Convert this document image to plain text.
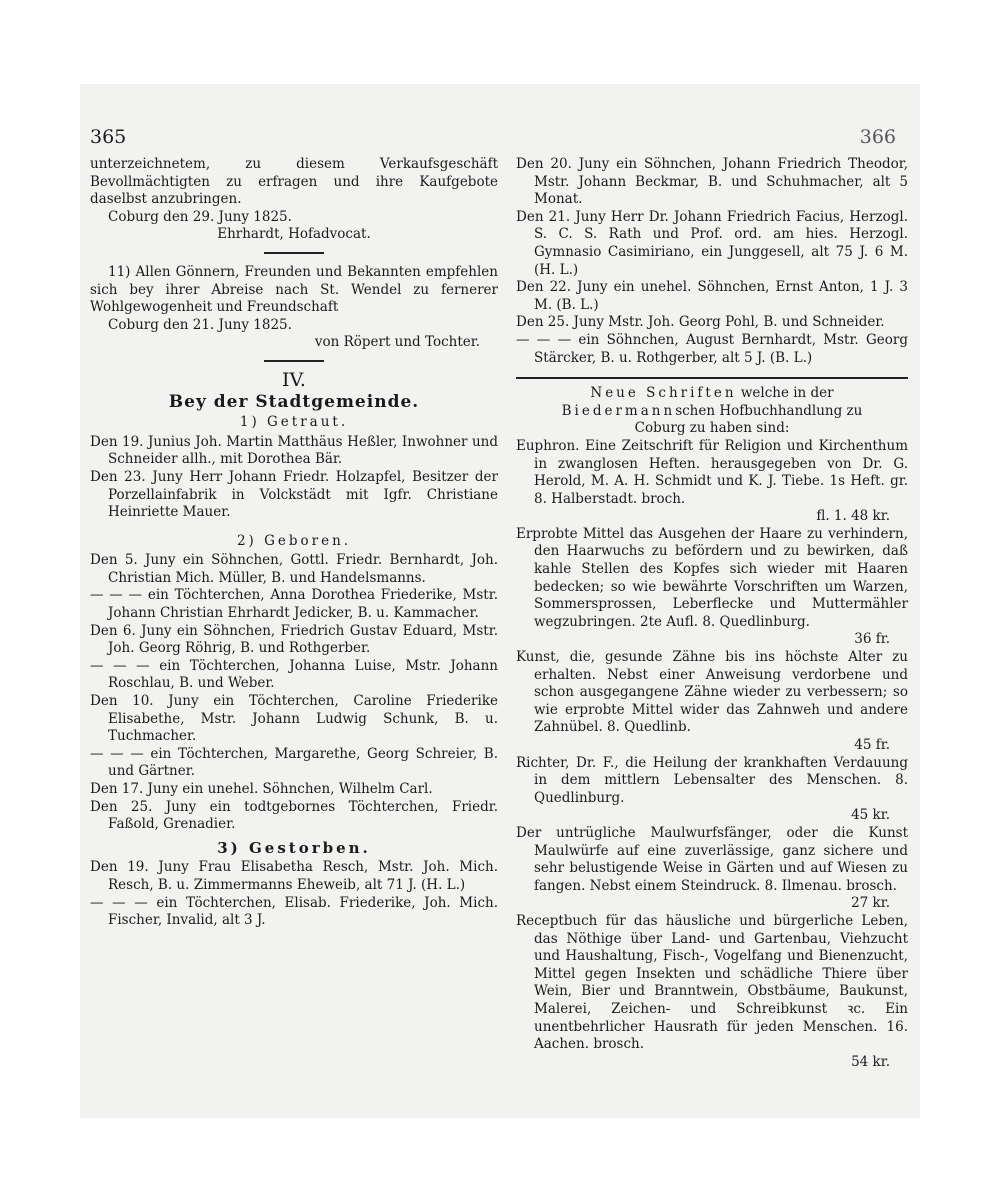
365	366

unterzeichnetem, zu diesem Verkaufsgeschäft Bevollmächtigten zu erfragen und ihre Kaufgebote daselbst anzubringen.

Coburg den 29. Juny 1825.

Ehrhardt, Hofadvocat.

11) Allen Gönnern, Freunden und Bekannten empfehlen sich bey ihrer Abreise nach St. Wendel zu fernerer Wohlgewogenheit und Freundschaft

Coburg den 21. Juny 1825.

von Röpert und Tochter.

IV.
Bey der Stadtgemeinde.
1) Getraut.

Den 19. Junius Joh. Martin Matthäus Heßler, Inwohner und Schneider allh., mit Dorothea Bär.

Den 23. Juny Herr Johann Friedr. Holzapfel, Besitzer der Porzellainfabrik in Volckstädt mit Igfr. Christiane Heinriette Mauer.

2) Geboren.

Den 5. Juny ein Söhnchen, Gottl. Friedr. Bernhardt, Joh. Christian Mich. Müller, B. und Handelsmanns.

— — — ein Töchterchen, Anna Dorothea Friederike, Mstr. Johann Christian Ehrhardt Jedicker, B. u. Kammacher.

Den 6. Juny ein Söhnchen, Friedrich Gustav Eduard, Mstr. Joh. Georg Röhrig, B. und Rothgerber.

— — — ein Töchterchen, Johanna Luise, Mstr. Johann Roschlau, B. und Weber.

Den 10. Juny ein Töchterchen, Caroline Friederike Elisabethe, Mstr. Johann Ludwig Schunk, B. u. Tuchmacher.

— — — ein Töchterchen, Margarethe, Georg Schreier, B. und Gärtner.

Den 17. Juny ein unehel. Söhnchen, Wilhelm Carl.

Den 25. Juny ein todtgebornes Töchterchen, Friedr. Faßold, Grenadier.

3) Gestorben.

Den 19. Juny Frau Elisabetha Resch, Mstr. Joh. Mich. Resch, B. u. Zimmermanns Eheweib, alt 71 J. (H. L.)

— — — ein Töchterchen, Elisab. Friederike, Joh. Mich. Fischer, Invalid, alt 3 J.

Den 20. Juny ein Söhnchen, Johann Friedrich Theodor, Mstr. Johann Beckmar, B. und Schuhmacher, alt 5 Monat.

Den 21. Juny Herr Dr. Johann Friedrich Facius, Herzogl. S. C. S. Rath und Prof. ord. am hies. Herzogl. Gymnasio Casimiriano, ein Junggesell, alt 75 J. 6 M. (H. L.)

Den 22. Juny ein unehel. Söhnchen, Ernst Anton, 1 J. 3 M. (B. L.)

Den 25. Juny Mstr. Joh. Georg Pohl, B. und Schneider.

— — — ein Söhnchen, August Bernhardt, Mstr. Georg Stärcker, B. u. Rothgerber, alt 5 J. (B. L.)

Neue Schriften welche in der Biedermannschen Hofbuchhandlung zu Coburg zu haben sind:

Euphron. Eine Zeitschrift für Religion und Kirchenthum in zwanglosen Heften. herausgegeben von Dr. G. Herold, M. A. H. Schmidt und K. J. Tiebe. 1s Heft. gr. 8. Halberstadt. broch.
fl. 1. 48 kr.

Erprobte Mittel das Ausgehen der Haare zu verhindern, den Haarwuchs zu befördern und zu bewirken, daß kahle Stellen des Kopfes sich wieder mit Haaren bedecken; so wie bewährte Vorschriften um Warzen, Sommersprossen, Leberflecke und Muttermähler wegzubringen. 2te Aufl. 8. Quedlinburg.
36 fr.

Kunst, die, gesunde Zähne bis ins höchste Alter zu erhalten. Nebst einer Anweisung verdorbene und schon ausgegangene Zähne wieder zu verbessern; so wie erprobte Mittel wider das Zahnweh und andere Zahnübel. 8. Quedlinb.
45 fr.

Richter, Dr. F., die Heilung der krankhaften Verdauung in dem mittlern Lebensalter des Menschen. 8. Quedlinburg.
45 kr.

Der untrügliche Maulwurfsfänger, oder die Kunst Maulwürfe auf eine zuverlässige, ganz sichere und sehr belustigende Weise in Gärten und auf Wiesen zu fangen. Nebst einem Steindruck. 8. Ilmenau. brosch.
27 kr.

Receptbuch für das häusliche und bürgerliche Leben, das Nöthige über Land- und Gartenbau, Viehzucht und Haushaltung, Fisch-, Vogelfang und Bienenzucht, Mittel gegen Insekten und schädliche Thiere über Wein, Bier und Branntwein, Obstbäume, Baukunst, Malerei, Zeichen- und Schreibkunst ꝛc. Ein unentbehrlicher Hausrath für jeden Menschen. 16. Aachen. brosch.
54 kr.
